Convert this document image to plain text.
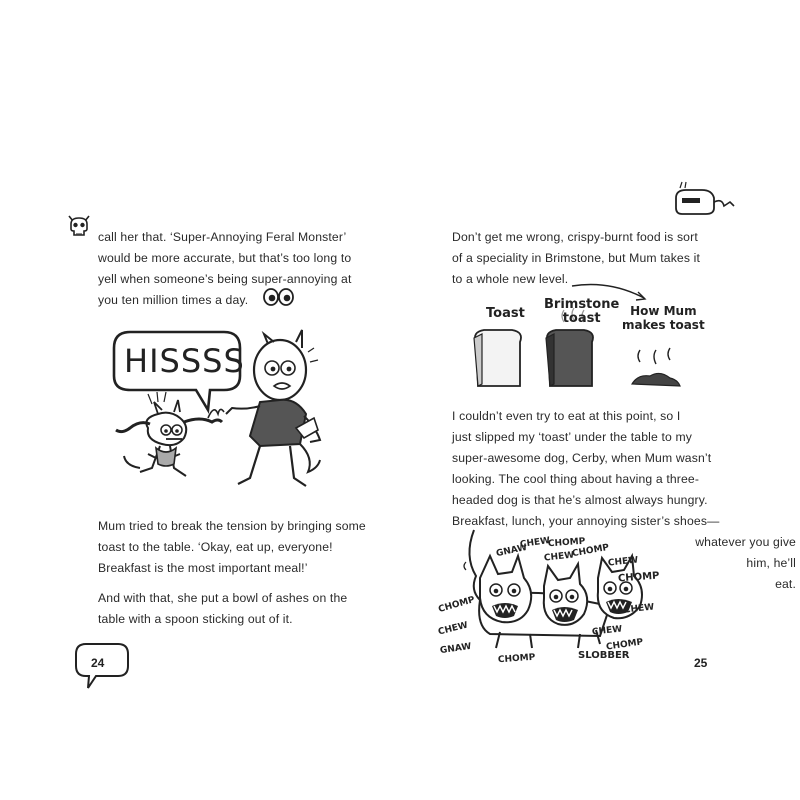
call her that. ‘Super-Annoying Feral Monster’
would be more accurate, but that’s too long to
yell when someone’s being super-annoying at
you ten million times a day.
HISSSS
Mum tried to break the tension by bringing some
toast to the table. ‘Okay, eat up, everyone!
Breakfast is the most important meal!’
And with that, she put a bowl of ashes on the
table with a spoon sticking out of it.
24
Don’t get me wrong, crispy-burnt food is sort
of a speciality in Brimstone, but Mum takes it
to a whole new level.
Toast
Brimstone
toast	How Mum
makes toast
I couldn’t even try to eat at this point, so I
just slipped my ‘toast’ under the table to my
super-awesome dog, Cerby, when Mum wasn’t
looking. The cool thing about having a three-
headed dog is that he’s almost always hungry.
Breakfast, lunch, your annoying sister’s shoes—
whatever you give
him, he’ll
eat.
GNAW
CHEW
CHOMP
CHEW
CHOMP
CHEW
CHOMP
CHOMP
CHEW
CHEW
GNAW
CHOMP	SLOBBER
CHEW
CHOMP
25
